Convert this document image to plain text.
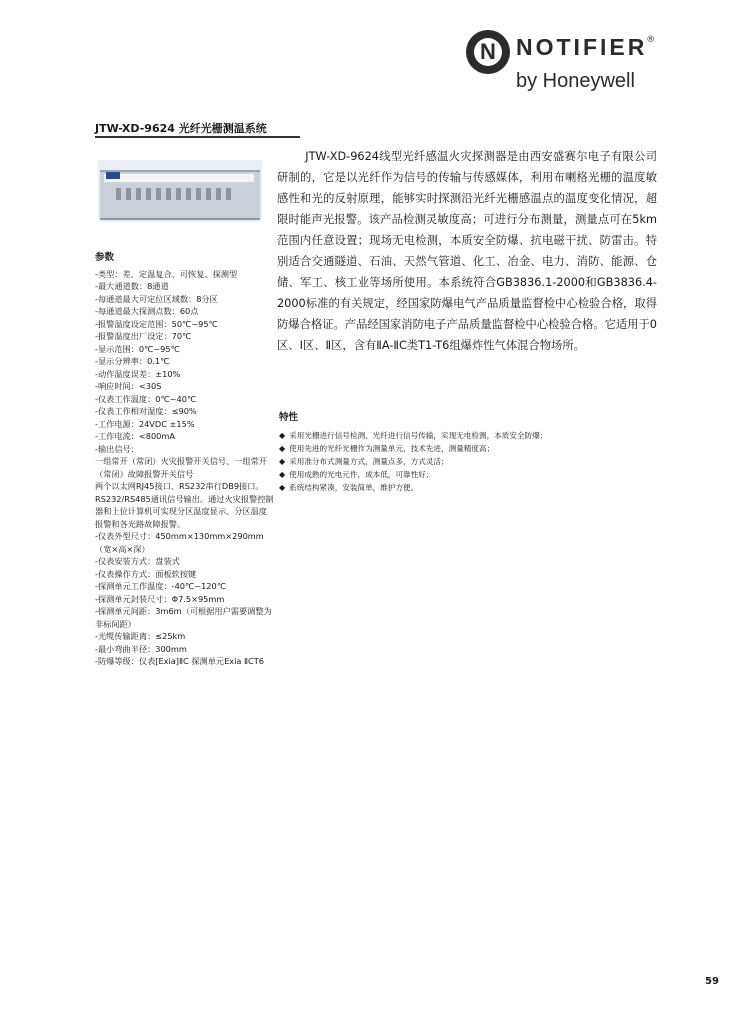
N NOTIFIER®
by Honeywell
JTW-XD-9624 光纤光栅测温系统
参数
-类型：差、定温复合、可恢复、探测型
-最大通道数：8通道
-每通道最大可定位区域数：8分区
-每通道最大探测点数：60点
-报警温度设定范围：50℃~95℃
-报警温度出厂设定：70℃
-显示范围：0℃~95℃
-显示分辨率：0.1℃
-动作温度误差：±10%
-响应时间：<30S
-仪表工作温度：0℃~40℃
-仪表工作相对湿度：≤90%
-工作电源：24VDC ±15%
-工作电流：<800mA
-输出信号：
一组常开（常闭）火灾报警开关信号、一组常开（常闭）故障报警开关信号
两个以太网RJ45接口、RS232串行DB9接口。RS232/RS485通讯信号输出。通过火灾报警控制器和上位计算机可实现分区温度显示、分区温度报警和各光路故障报警。
-仪表外型尺寸：450mm×130mm×290mm（宽×高×深）
-仪表安装方式：盘装式
-仪表操作方式：面板软按键
-探测单元工作温度：-40℃~120℃
-探测单元封装尺寸：Φ7.5×95mm
-探测单元间距：3m6m（可根据用户需要调整为非标间距）
-光缆传输距离：≤25km
-最小弯曲半径：300mm
-防爆等级：仪表[Exia]ⅡC 探测单元Exia ⅡCT6
JTW-XD-9624线型光纤感温火灾探测器是由西安盛赛尔电子有限公司研制的，它是以光纤作为信号的传输与传感媒体，利用布喇格光栅的温度敏感性和光的反射原理，能够实时探测沿光纤光栅感温点的温度变化情况，超限时能声光报警。该产品检测灵敏度高；可进行分布测量，测量点可在5km范围内任意设置；现场无电检测，本质安全防爆、抗电磁干扰、防雷击。特别适合交通隧道、石油、天然气管道、化工、冶金、电力、消防、能源、仓储、军工、核工业等场所使用。本系统符合GB3836.1-2000和GB3836.4-2000标准的有关规定，经国家防爆电气产品质量监督检中心检验合格，取得防爆合格证。产品经国家消防电子产品质量监督检中心检验合格。它适用于0区、Ⅰ区、Ⅱ区，含有ⅡA-ⅡC类T1-T6组爆炸性气体混合物场所。
特性
◆ 采用光栅进行信号检测、光纤进行信号传输，实现无电检测，本质安全防爆；
◆ 使用先进的光纤光栅作为测量单元，技术先进，测量精度高；
◆ 采用准分布式测量方式，测量点多，方式灵活；
◆ 使用成熟的光电元件，成本低，可靠性好；
◆ 系统结构紧凑，安装简单，维护方便。
59
